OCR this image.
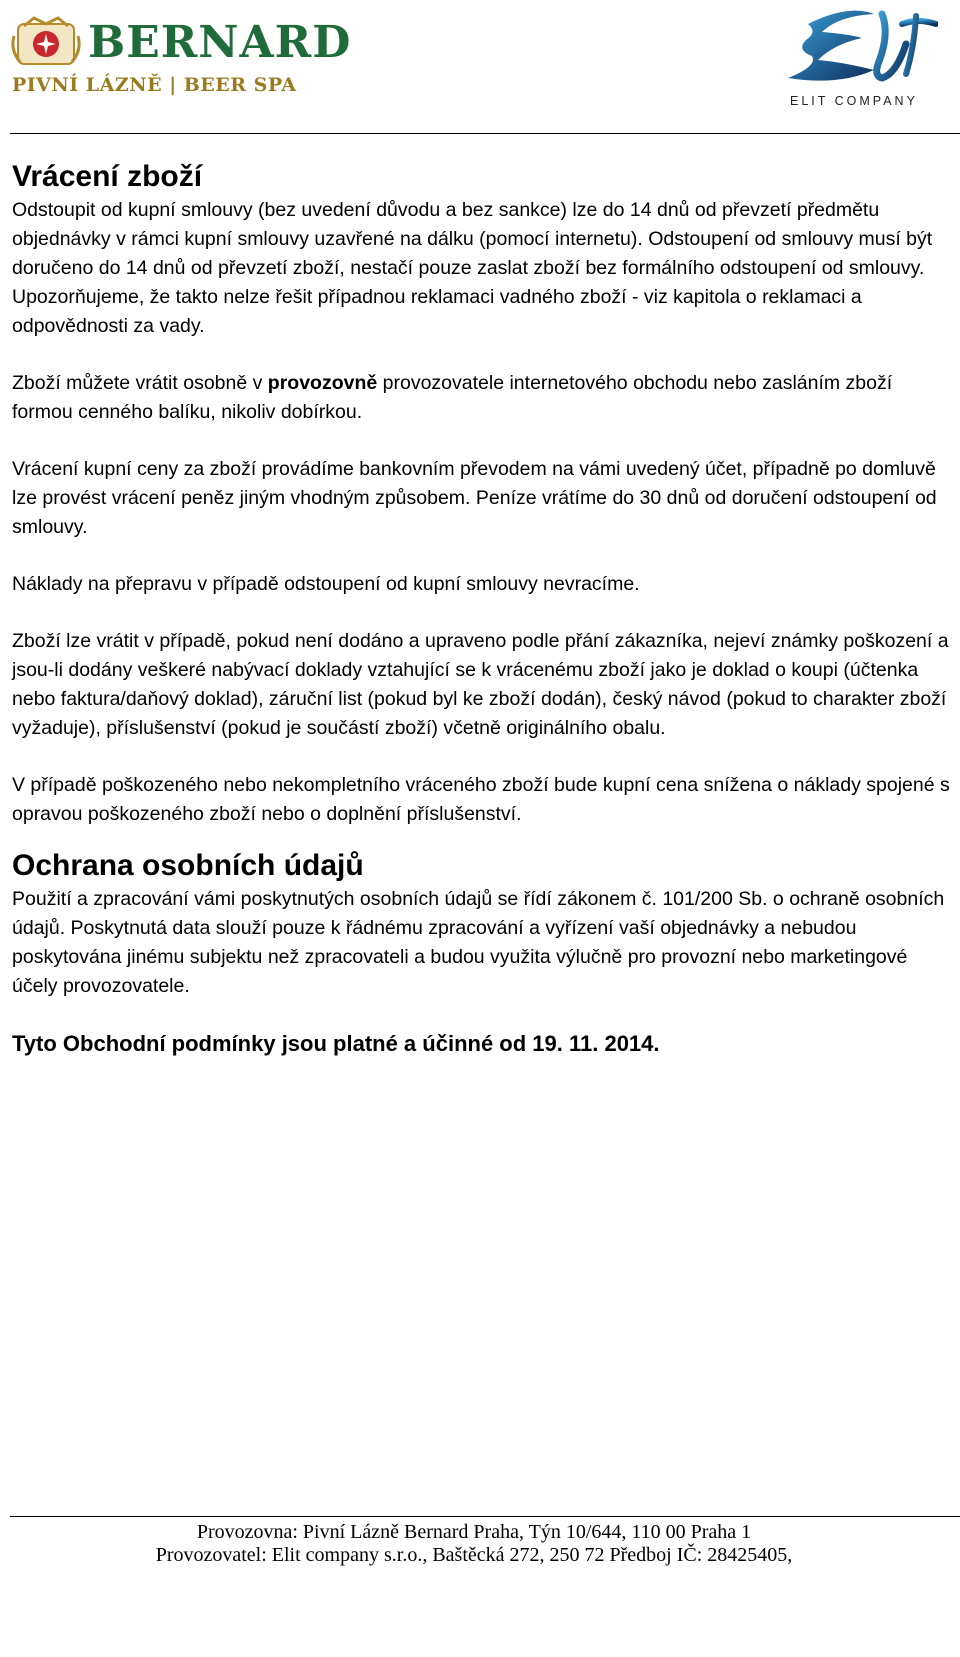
BERNARD
PIVNÍ LÁZNĚ | BEER SPA
ELIT COMPANY
Vrácení zboží

Odstoupit od kupní smlouvy (bez uvedení důvodu a bez sankce) lze do 14 dnů od převzetí předmětu objednávky v rámci kupní smlouvy uzavřené na dálku (pomocí internetu). Odstoupení od smlouvy musí být doručeno do 14 dnů od převzetí zboží, nestačí pouze zaslat zboží bez formálního odstoupení od smlouvy. Upozorňujeme, že takto nelze řešit případnou reklamaci vadného zboží - viz kapitola o reklamaci a odpovědnosti za vady.

Zboží můžete vrátit osobně v provozovně provozovatele internetového obchodu nebo zasláním zboží formou cenného balíku, nikoliv dobírkou.

Vrácení kupní ceny za zboží provádíme bankovním převodem na vámi uvedený účet, případně po domluvě lze provést vrácení peněz jiným vhodným způsobem. Peníze vrátíme do 30 dnů od doručení odstoupení od smlouvy.

Náklady na přepravu v případě odstoupení od kupní smlouvy nevracíme.

Zboží lze vrátit v případě, pokud není dodáno a upraveno podle přání zákazníka, nejeví známky poškození a jsou-li dodány veškeré nabývací doklady vztahující se k vrácenému zboží jako je doklad o koupi (účtenka nebo faktura/daňový doklad), záruční list (pokud byl ke zboží dodán), český návod (pokud to charakter zboží vyžaduje), příslušenství (pokud je součástí zboží) včetně originálního obalu.

V případě poškozeného nebo nekompletního vráceného zboží bude kupní cena snížena o náklady spojené s opravou poškozeného zboží nebo o doplnění příslušenství.

Ochrana osobních údajů

Použití a zpracování vámi poskytnutých osobních údajů se řídí zákonem č. 101/200 Sb. o ochraně osobních údajů. Poskytnutá data slouží pouze k řádnému zpracování a vyřízení vaší objednávky a nebudou poskytována jinému subjektu než zpracovateli a budou využita výlučně pro provozní nebo marketingové účely provozovatele.

Tyto Obchodní podmínky jsou platné a účinné od 19. 11. 2014.

Provozovna: Pivní Lázně Bernard Praha, Týn 10/644, 110 00 Praha 1
Provozovatel: Elit company s.r.o., Baštěcká 272, 250 72 Předboj IČ: 28425405,
